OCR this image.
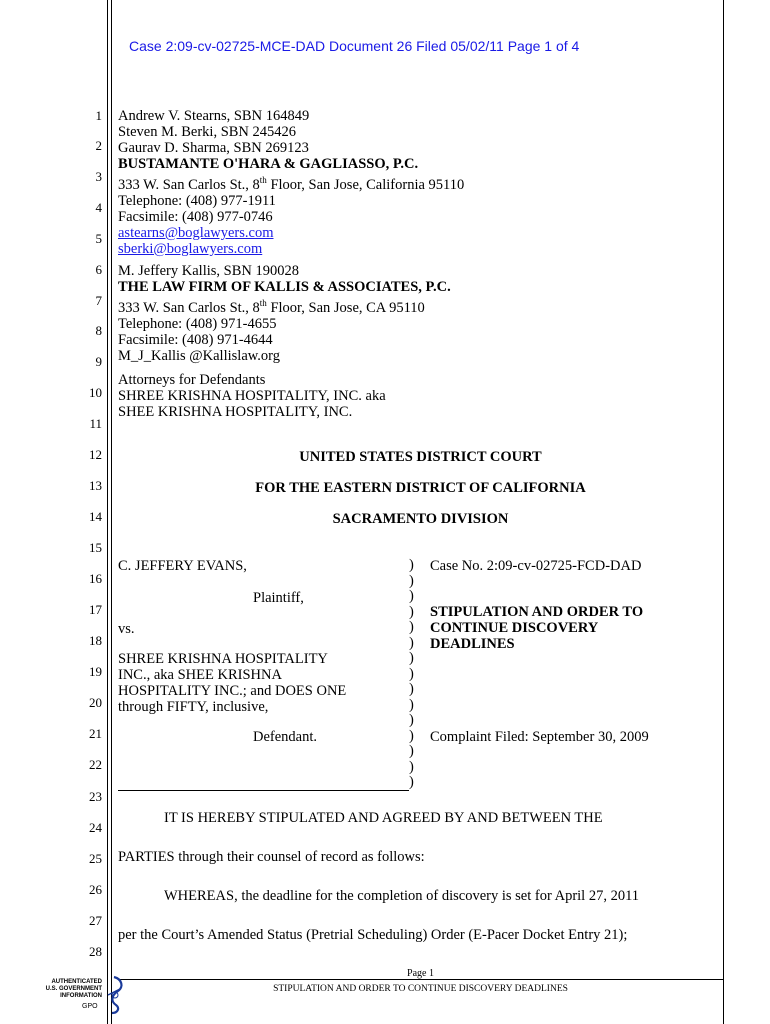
Case 2:09-cv-02725-MCE-DAD Document 26 Filed 05/02/11 Page 1 of 4
1
2
3
4
5
6
7
8
9
10
11
12
13
14
15
16
17
18
19
20
21
22
23
24
25
26
27
28
Andrew V. Stearns, SBN 164849
Steven M. Berki, SBN 245426
Gaurav D. Sharma, SBN 269123
BUSTAMANTE O'HARA & GAGLIASSO, P.C.
333 W. San Carlos St., 8th Floor, San Jose, California 95110
Telephone: (408) 977-1911
Facsimile: (408) 977-0746
astearns@boglawyers.com
sberki@boglawyers.com
M. Jeffery Kallis, SBN 190028
THE LAW FIRM OF KALLIS & ASSOCIATES, P.C.
333 W. San Carlos St., 8th Floor, San Jose, CA 95110
Telephone: (408) 971-4655
Facsimile: (408) 971-4644
M_J_Kallis @Kallislaw.org
Attorneys for Defendants
SHREE KRISHNA HOSPITALITY, INC. aka
SHEE KRISHNA HOSPITALITY, INC.
UNITED STATES DISTRICT COURT
FOR THE EASTERN DISTRICT OF CALIFORNIA
SACRAMENTO DIVISION
C. JEFFERY EVANS,
Plaintiff,
vs.
SHREE KRISHNA HOSPITALITY
INC., aka SHEE KRISHNA
HOSPITALITY INC.; and DOES ONE
through FIFTY, inclusive,
Defendant.
)
)
)
)
)
)
)
)
)
)
)
)
)
)
)
Case No. 2:09-cv-02725-FCD-DAD
STIPULATION AND ORDER TO
CONTINUE DISCOVERY
DEADLINES
Complaint Filed: September 30, 2009
IT IS HEREBY STIPULATED AND AGREED BY AND BETWEEN THE
PARTIES through their counsel of record as follows:
WHEREAS, the deadline for the completion of discovery is set for April 27, 2011
per the Court’s Amended Status (Pretrial Scheduling) Order (E-Pacer Docket Entry 21);
Page 1
STIPULATION AND ORDER TO CONTINUE DISCOVERY DEADLINES
AUTHENTICATED
U.S. GOVERNMENT
INFORMATION
GPO
